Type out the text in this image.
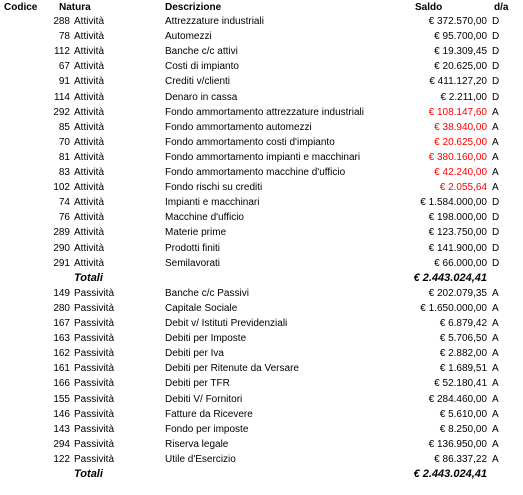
Codice	Natura	Descrizione	Saldo	d/a
288 Attività	Attrezzature industriali	€ 372.570,00 D
78 Attività	Automezzi	€ 95.700,00 D
112 Attività	Banche c/c attivi	€ 19.309,45 D
67 Attività	Costi di impianto	€ 20.625,00 D
91 Attività	Crediti v/clienti	€ 411.127,20 D
114 Attività	Denaro in cassa	€ 2.211,00 D
292 Attività	Fondo ammortamento attrezzature industriali	€ 108.147,60 A
85 Attività	Fondo ammortamento automezzi	€ 38.940,00 A
70 Attività	Fondo ammortamento costi d'impianto	€ 20.625,00 A
81 Attività	Fondo ammortamento impianti e macchinari	€ 380.160,00 A
83 Attività	Fondo ammortamento macchine d'ufficio	€ 42.240,00 A
102 Attività	Fondo rischi su crediti	€ 2.055,64 A
74 Attività	Impianti e macchinari	€ 1.584.000,00 D
76 Attività	Macchine d'ufficio	€ 198.000,00 D
289 Attività	Materie prime	€ 123.750,00 D
290 Attività	Prodotti finiti	€ 141.900,00 D
291 Attività	Semilavorati	€ 66.000,00 D
Totali	€ 2.443.024,41
149 Passività	Banche c/c Passivi	€ 202.079,35 A
280 Passività	Capitale Sociale	€ 1.650.000,00 A
167 Passività	Debit v/ Istituti Previdenziali	€ 6.879,42 A
163 Passività	Debiti per Imposte	€ 5.706,50 A
162 Passività	Debiti per Iva	€ 2.882,00 A
161 Passività	Debiti per Ritenute da Versare	€ 1.689,51 A
166 Passività	Debiti per TFR	€ 52.180,41 A
155 Passività	Debiti V/ Fornitori	€ 284.460,00 A
146 Passività	Fatture da Ricevere	€ 5.610,00 A
143 Passività	Fondo per imposte	€ 8.250,00 A
294 Passività	Riserva legale	€ 136.950,00 A
122 Passività	Utile d'Esercizio	€ 86.337,22 A
Totali	€ 2.443.024,41
